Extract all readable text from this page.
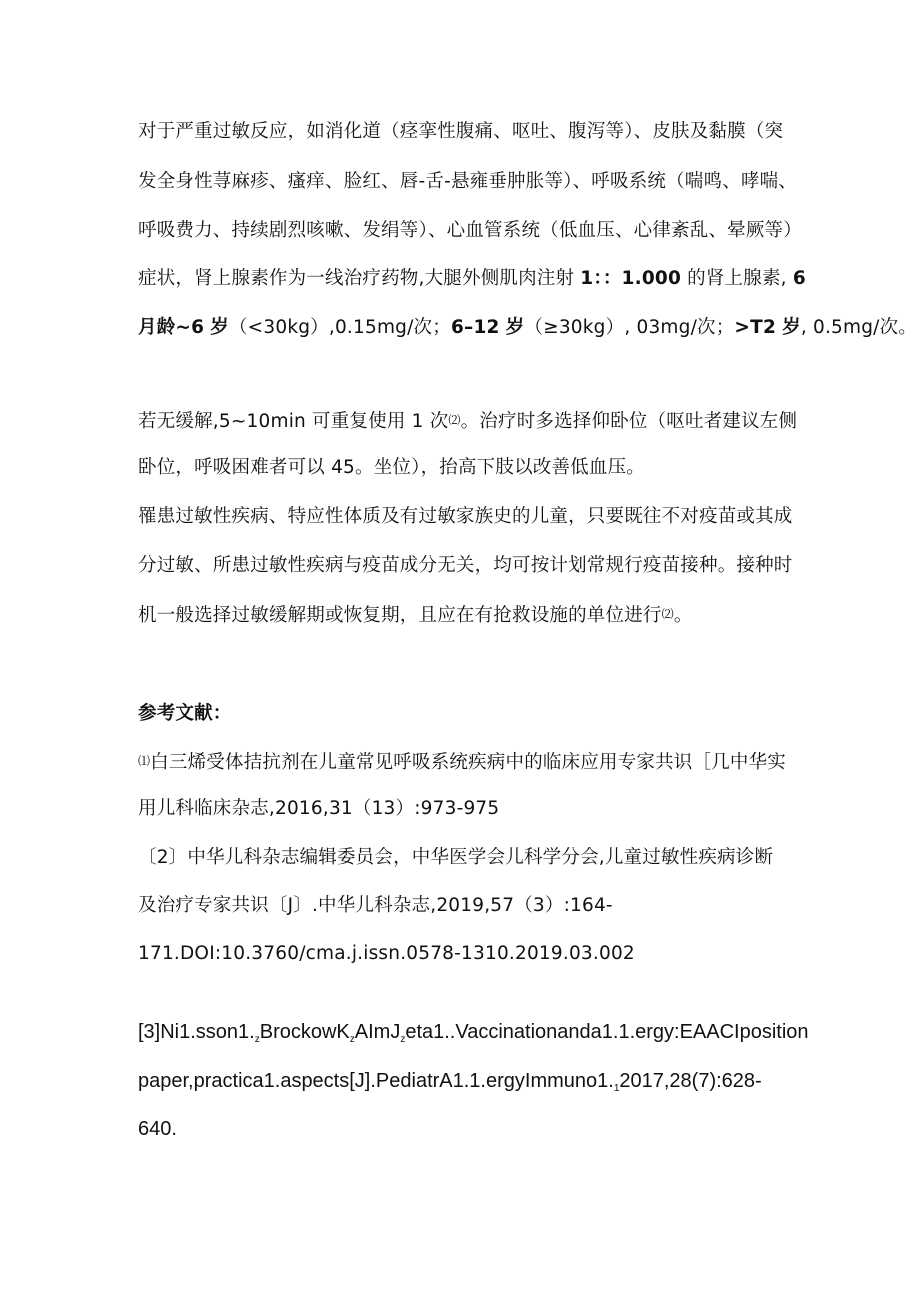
对于严重过敏反应，如消化道（痉挛性腹痛、呕吐、腹泻等）、皮肤及黏膜（突
发全身性荨麻疹、瘙痒、脸红、唇-舌-悬雍垂肿胀等）、呼吸系统（喘鸣、哮喘、
呼吸费力、持续剧烈咳嗽、发绢等）、心血管系统（低血压、心律紊乱、晕厥等）
症状，肾上腺素作为一线治疗药物,大腿外侧肌肉注射 1：：1.000 的肾上腺素, 6
月龄~6 岁（<30kg）,0.15mg/次；6–12 岁（≥30kg）, 03mg/次；>T2 岁, 0.5mg/次。
若无缓解,5~10min 可重复使用 1 次⑵。治疗时多选择仰卧位（呕吐者建议左侧
卧位，呼吸困难者可以 45。坐位），抬高下肢以改善低血压。
罹患过敏性疾病、特应性体质及有过敏家族史的儿童，只要既往不对疫苗或其成
分过敏、所患过敏性疾病与疫苗成分无关，均可按计划常规行疫苗接种。接种时
机一般选择过敏缓解期或恢复期，且应在有抢救设施的单位进行⑵。
参考文献：
⑴白三烯受体拮抗剂在儿童常见呼吸系统疾病中的临床应用专家共识［几中华实
用儿科临床杂志,2016,31（13）:973-975
〔2〕中华儿科杂志编辑委员会，中华医学会儿科学分会,儿童过敏性疾病诊断
及治疗专家共识〔J〕.中华儿科杂志,2019,57（3）:164-
171.DOI:10.3760/cma.j.issn.0578-1310.2019.03.002
$[3]Ni1.sson1._zBrockowK_zAImJ_zeta1..Vaccinationanda1.1.ergy:EAACIposition$
$paper,practica1.aspects[J].PediatrA1.1.ergyImmuno1._12017,28(7):628-$
640.
